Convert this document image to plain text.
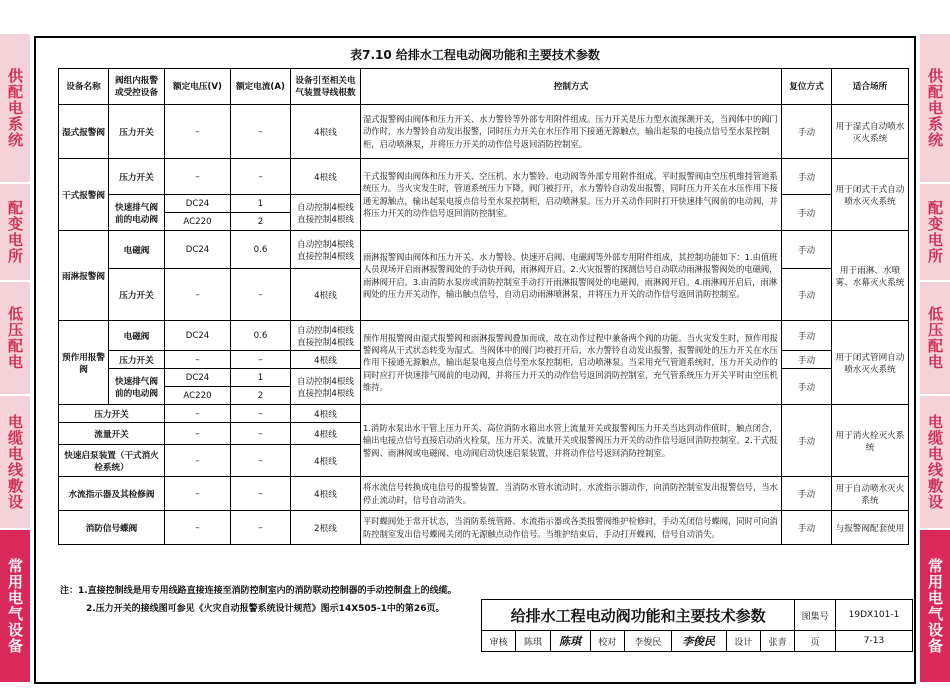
供配电系统
配变电所
低压配电
电缆电线敷设
常用电气设备
供配电系统
配变电所
低压配电
电缆电线敷设
常用电气设备
表7.10 给排水工程电动阀功能和主要技术参数
设备名称	阀组内报警或受控设备	额定电压(V)	额定电流(A)	设备引至相关电气装置导线根数	控制方式	复位方式	适合场所
湿式报警阀	压力开关	–	–	4根线	湿式报警阀由阀体和压力开关、水力警铃等外部专用附件组成。压力开关是压力型水流探测开关，当阀体中的阀门动作时，水力警铃自动发出报警，同时压力开关在水压作用下接通无源触点，输出起泵的电接点信号至水泵控制柜，启动喷淋泵，并将压力开关的动作信号返回消防控制室。	手动	用于湿式自动喷水灭火系统
干式报警阀	压力开关	–	–	4根线	干式报警阀由阀体和压力开关、空压机、水力警铃、电动阀等外部专用附件组成。平时报警阀由空压机维持管道系统压力。当火灾发生时，管道系统压力下降，阀门被打开，水力警铃自动发出报警，同时压力开关在水压作用下接通无源触点，输出起泵电接点信号至水泵控制柜，启动喷淋泵。压力开关动作同时打开快速排气阀前的电动阀，并将压力开关的动作信号返回消防控制室。	手动	用于闭式干式自动喷水灭火系统
	快速排气阀前的电动阀	DC24	1	自动控制4根线直接控制4根线		手动	
		AC220	2				
雨淋报警阀	电磁阀	DC24	0.6	自动控制4根线直接控制4根线	雨淋报警阀由阀体和压力开关、水力警铃、快速开启阀、电磁阀等外部专用附件组成，其控制功能如下：1.由值班人员现场开启雨淋报警阀处的手动快开阀，雨淋阀开启。2.火灾报警的探测信号自动联动雨淋报警阀处的电磁阀，雨淋阀开启。3.由消防水泵房或消防控制室手动打开雨淋报警阀处的电磁阀，雨淋阀开启。4.雨淋阀开启后，雨淋阀处的压力开关动作，输出触点信号，自动启动雨淋喷淋泵，并将压力开关的动作信号返回消防控制室。	手动	用于雨淋、水喷雾、水幕灭火系统
	压力开关	–	–	4根线		手动	
预作用报警阀	电磁阀	DC24	0.6	自动控制4根线直接控制4根线	预作用报警阀由湿式报警阀和雨淋报警阀叠加而成，故在动作过程中兼备两个阀的功能。当火灾发生时，预作用报警阀将从干式状态转变为湿式。当阀体中的阀门均被打开后，水力警铃自动发出报警，报警阀处的压力开关在水压作用下接通无源触点，输出起泵电接点信号至水泵控制柜，启动喷淋泵。当采用充气管道系统时，压力开关动作的同时应打开快速排气阀前的电动阀，并将压力开关的动作信号返回消防控制室，充气管系统压力开关平时由空压机维持。	手动	用于闭式管网自动喷水灭火系统
	压力开关	–	–	4根线		手动	
	快速排气阀前的电动阀	DC24	1	自动控制4根线直接控制4根线		手动	
		AC220	2				
压力开关		–	–	4根线	1.消防水泵出水干管上压力开关、高位消防水箱出水管上流量开关或报警阀压力开关当达到动作值时，触点闭合，输出电接点信号直接启动消火栓泵，压力开关、流量开关或报警阀压力开关的动作信号返回消防控制室。2.干式报警阀、雨淋阀或电磁阀、电动阀启动快速启泵装置，并将动作信号返回消防控制室。	手动	用于消火栓灭火系统
流量开关		–	–	4根线			
快速启泵装置（干式消火栓系统）		–	–	4根线			
水流指示器及其检修阀		–	–	4根线	将水流信号转换成电信号的报警装置，当消防水管水流动时，水流指示器动作，向消防控制室发出报警信号，当水停止流动时，信号自动消失。	手动	用于自动喷水灭火系统
消防信号蝶阀		–	–	2根线	平时蝶阀处于常开状态，当消防系统管路、水流指示器或各类报警阀维护检修时，手动关闭信号蝶阀，同时可向消防控制室发出信号蝶阀关闭的无源触点动作信号。当维护结束后，手动打开蝶阀，信号自动消失。	手动	与报警阀配套使用
注：1.直接控制线是用专用线路直接连接至消防控制室内的消防联动控制器的手动控制盘上的线缆。
2.压力开关的接线图可参见《火灾自动报警系统设计规范》图示14X505-1中的第26页。	给排水工程电动阀功能和主要技术参数								图集号	19DX101-1
审核	陈琪	陈琪	校对	李俊民	李俊民	设计	张青	页	7-13
